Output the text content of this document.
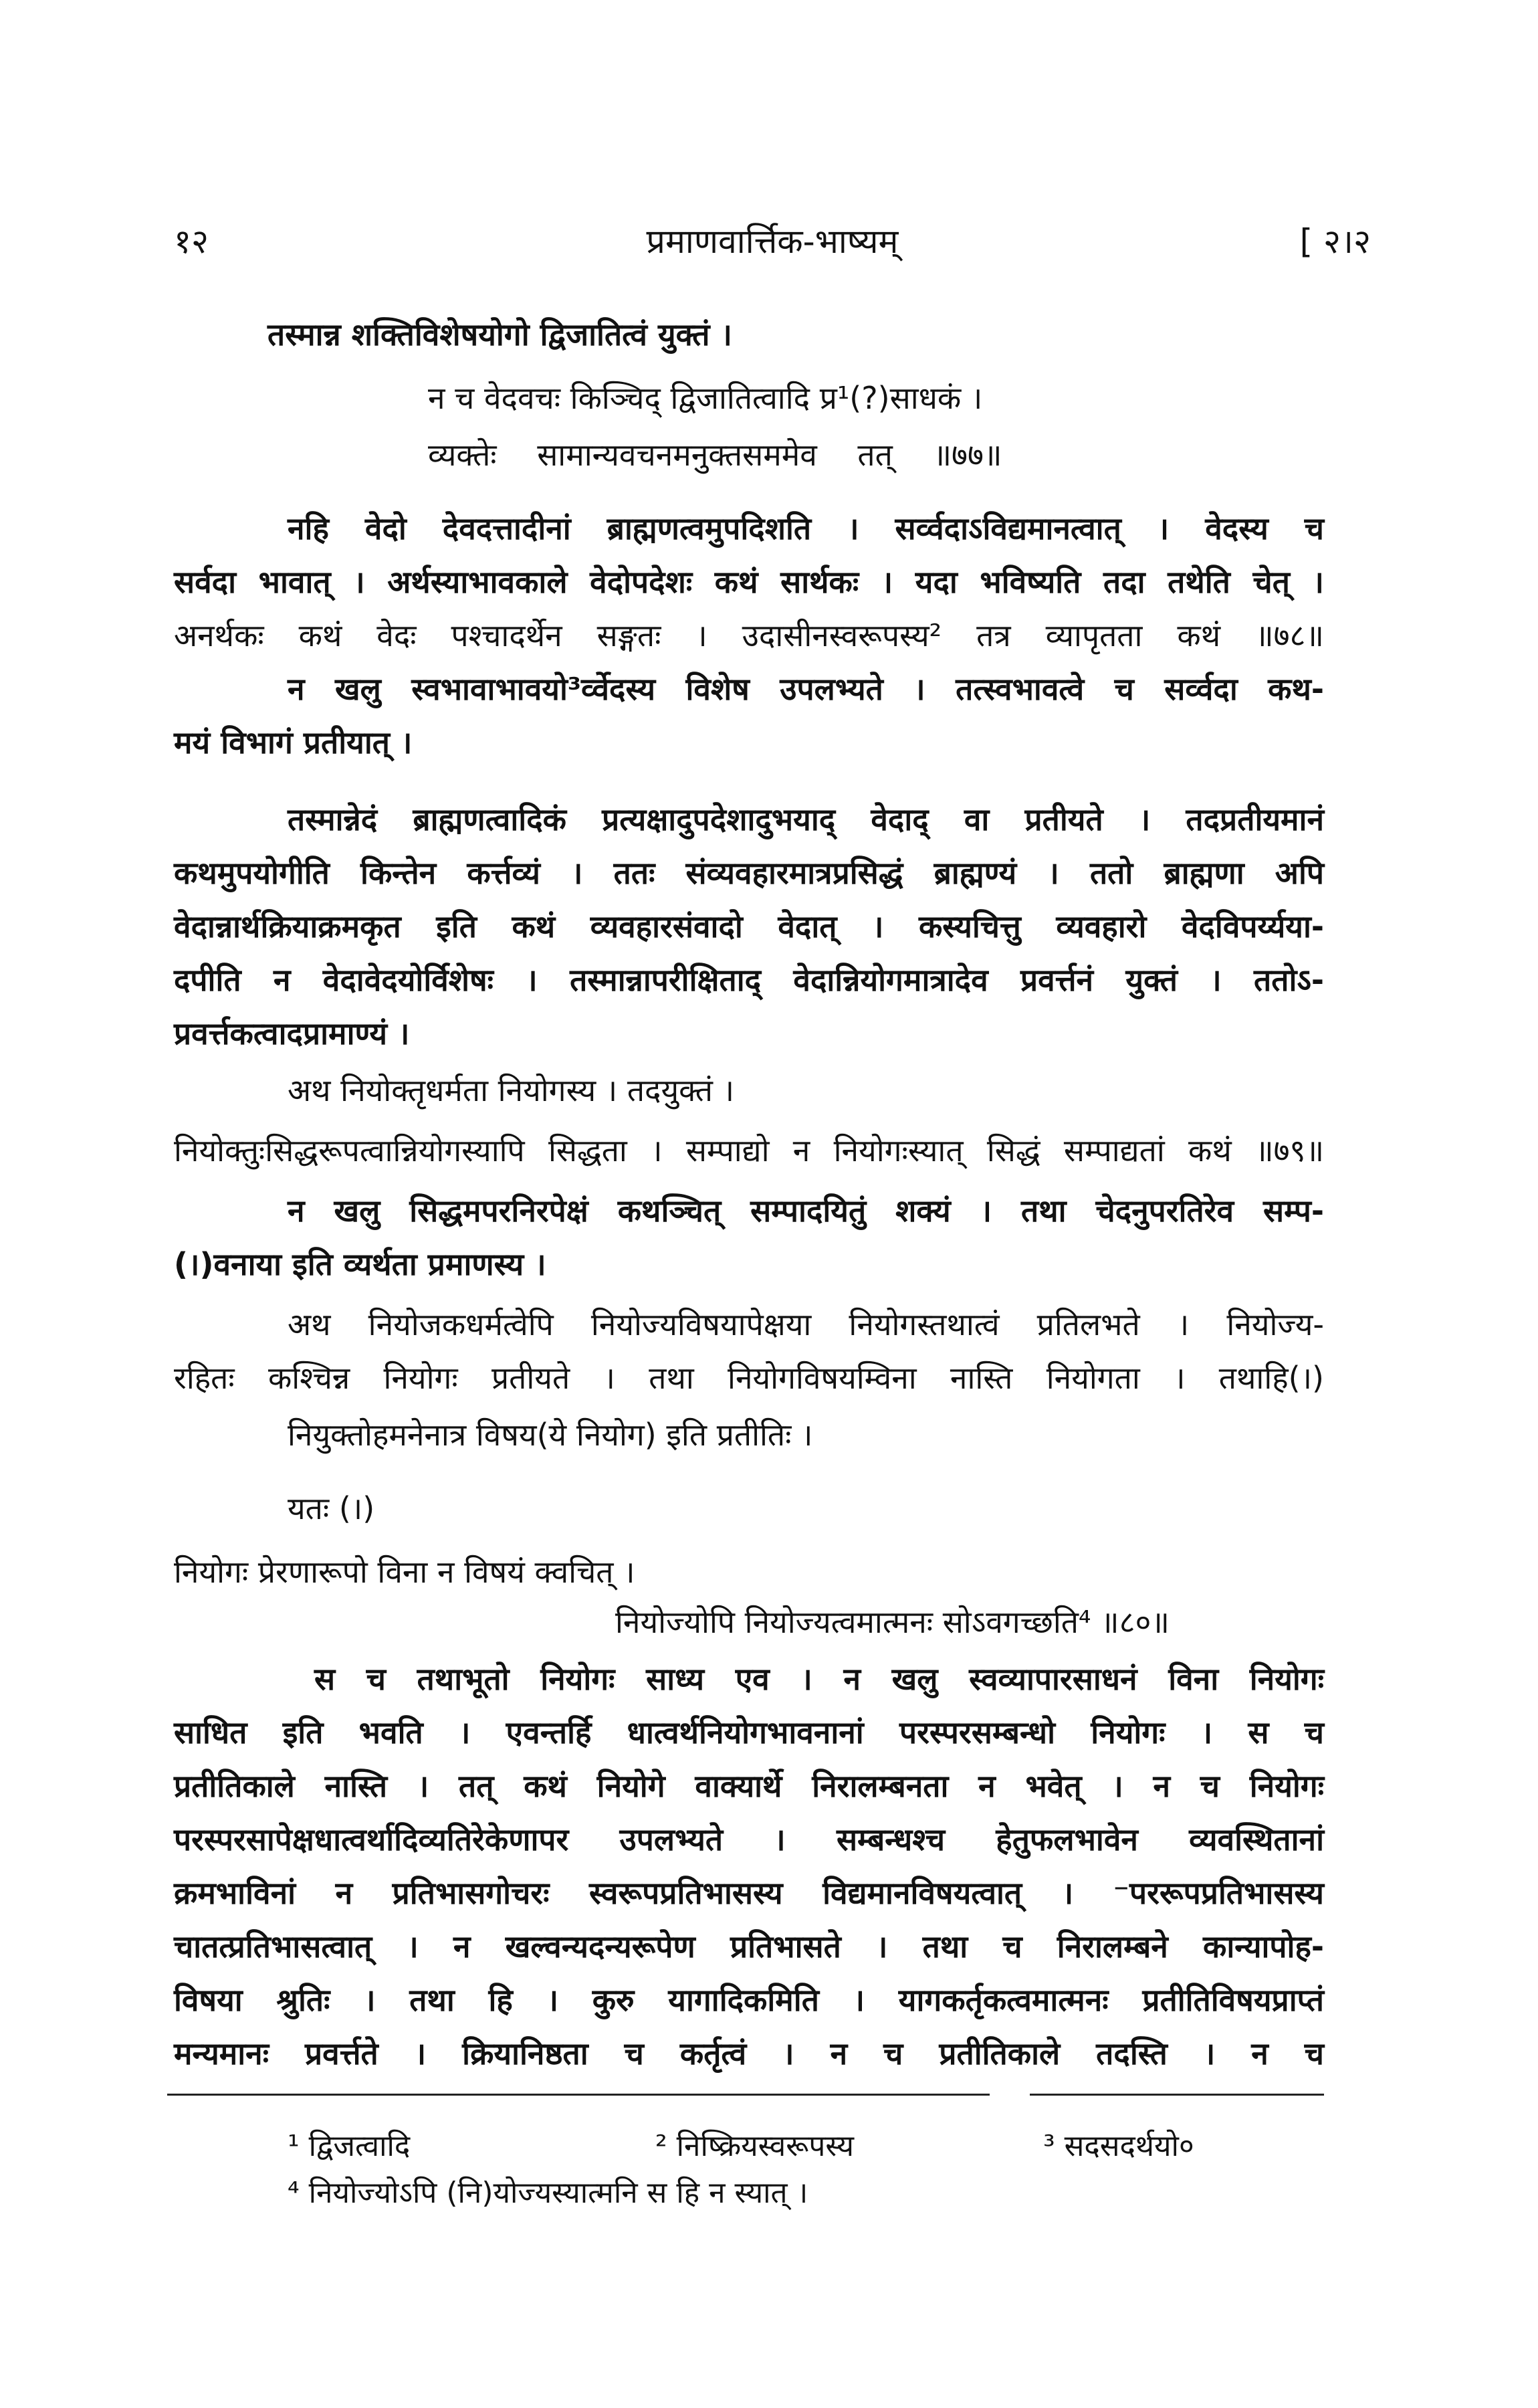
१२	प्रमाणवार्त्तिक-भाष्यम्	[ २।२
तस्मान्न शक्तिविशेषयोगो द्विजातित्वं युक्तं ।
न च वेदवचः किञ्चिद् द्विजातित्वादि प्र¹(?)साधकं ।
व्यक्तेः सामान्यवचनमनुक्तसममेव तत् ॥७७॥
नहि वेदो देवदत्तादीनां ब्राह्मणत्वमुपदिशति । सर्व्वदाऽविद्यमानत्वात् । वेदस्य च
सर्वदा भावात् । अर्थस्याभावकाले वेदोपदेशः कथं सार्थकः । यदा भविष्यति तदा तथेति चेत् ।
अनर्थकः कथं वेदः पश्चादर्थेन सङ्गतः । उदासीनस्वरूपस्य² तत्र व्यापृतता कथं ॥७८॥
न खलु स्वभावाभावयो³र्व्वेदस्य विशेष उपलभ्यते । तत्स्वभावत्वे च सर्व्वदा कथ-
मयं विभागं प्रतीयात् ।
तस्मान्नेदं ब्राह्मणत्वादिकं प्रत्यक्षादुपदेशादुभयाद् वेदाद् वा प्रतीयते । तदप्रतीयमानं
कथमुपयोगीति किन्तेन कर्त्तव्यं । ततः संव्यवहारमात्रप्रसिद्धं ब्राह्मण्यं । ततो ब्राह्मणा अपि
वेदान्नार्थक्रियाक्रमकृत इति कथं व्यवहारसंवादो वेदात् । कस्यचित्तु व्यवहारो वेदविपर्य्यया-
दपीति न वेदावेदयोर्विशेषः । तस्मान्नापरीक्षिताद् वेदान्नियोगमात्रादेव प्रवर्त्तनं युक्तं । ततोऽ-
प्रवर्त्तकत्वादप्रामाण्यं ।
अथ नियोक्तृधर्मता नियोगस्य । तदयुक्तं ।
नियोक्तुःसिद्धरूपत्वान्नियोगस्यापि सिद्धता । सम्पाद्यो न नियोगःस्यात् सिद्धं सम्पाद्यतां कथं ॥७९॥
न खलु सिद्धमपरनिरपेक्षं कथञ्चित् सम्पादयितुं शक्यं । तथा चेदनुपरतिरेव सम्प-
(।)वनाया इति व्यर्थता प्रमाणस्य ।
अथ नियोजकधर्मत्वेपि नियोज्यविषयापेक्षया नियोगस्तथात्वं प्रतिलभते । नियोज्य-
रहितः कश्चिन्न नियोगः प्रतीयते । तथा नियोगविषयम्विना नास्ति नियोगता । तथाहि(।)
नियुक्तोहमनेनात्र विषय(ये नियोग) इति प्रतीतिः ।
यतः (।)
नियोगः प्रेरणारूपो विना न विषयं क्वचित् ।
नियोज्योपि नियोज्यत्वमात्मनः सोऽवगच्छति⁴ ॥८०॥
स च तथाभूतो नियोगः साध्य एव । न खलु स्वव्यापारसाधनं विना नियोगः
साधित इति भवति । एवन्तर्हि धात्वर्थनियोगभावनानां परस्परसम्बन्धो नियोगः । स च
प्रतीतिकाले नास्ति । तत् कथं नियोगे वाक्यार्थे निरालम्बनता न भवेत् । न च नियोगः
परस्परसापेक्षधात्वर्थादिव्यतिरेकेणापर उपलभ्यते । सम्बन्धश्च हेतुफलभावेन व्यवस्थितानां
क्रमभाविनां न प्रतिभासगोचरः स्वरूपप्रतिभासस्य विद्यमानविषयत्वात् । ⁻पररूपप्रतिभासस्य
चातत्प्रतिभासत्वात् । न खल्वन्यदन्यरूपेण प्रतिभासते । तथा च निरालम्बने कान्यापोह-
विषया श्रुतिः । तथा हि । कुरु यागादिकमिति । यागकर्तृकत्वमात्मनः प्रतीतिविषयप्राप्तं
मन्यमानः प्रवर्त्तते । क्रियानिष्ठता च कर्तृत्वं । न च प्रतीतिकाले तदस्ति । न च
¹ द्विजत्वादि	² निष्क्रियस्वरूपस्य	³ सदसदर्थयो०
⁴ नियोज्योऽपि (नि)योज्यस्यात्मनि स हि न स्यात् ।
